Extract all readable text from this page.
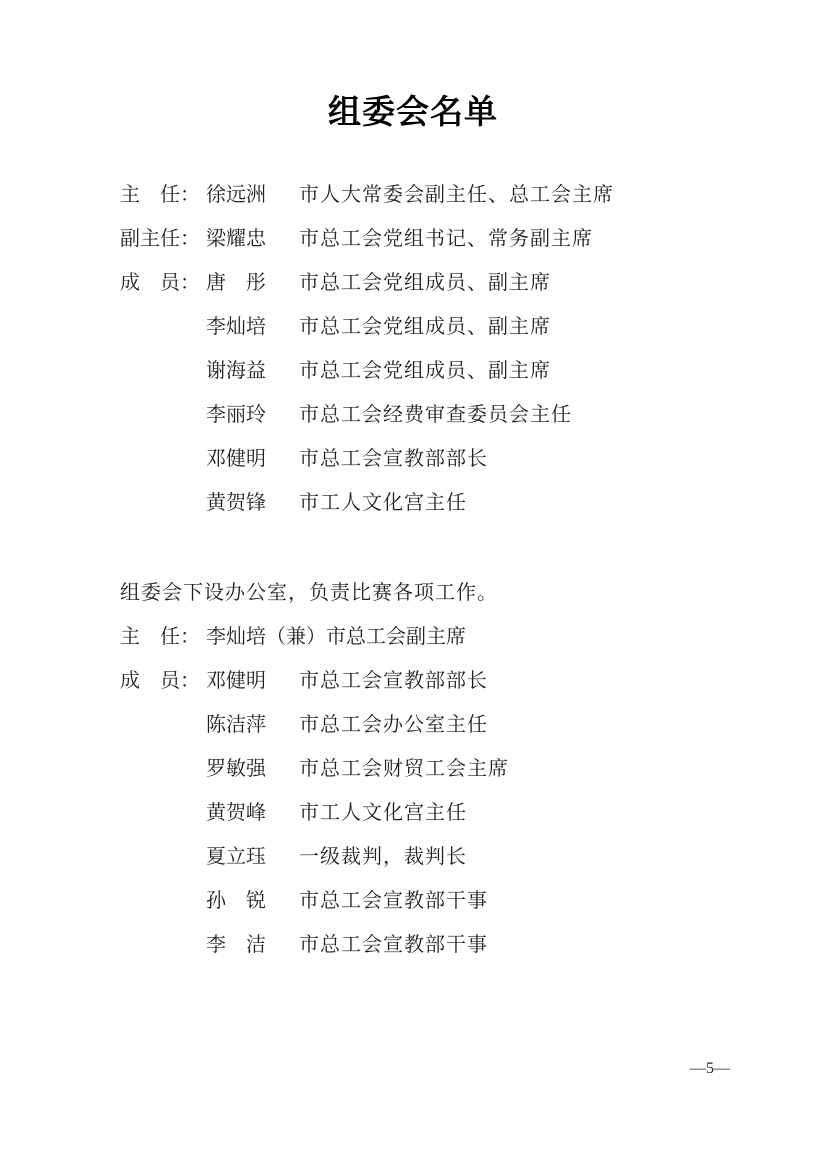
组委会名单
主　任： 徐远洲	市人大常委会副主任、总工会主席
副主任： 梁耀忠	市总工会党组书记、常务副主席
成　员： 唐　彤	市总工会党组成员、副主席
李灿培	市总工会党组成员、副主席
谢海益	市总工会党组成员、副主席
李丽玲	市总工会经费审查委员会主任
邓健明	市总工会宣教部部长
黄贺锋	市工人文化宫主任

组委会下设办公室，负责比赛各项工作。

主　任： 李灿培（兼）市总工会副主席
成　员： 邓健明	市总工会宣教部部长
陈洁萍	市总工会办公室主任
罗敏强	市总工会财贸工会主席
黄贺峰	市工人文化宫主任
夏立珏	一级裁判，裁判长
孙　锐	市总工会宣教部干事
李　洁	市总工会宣教部干事
—5—
